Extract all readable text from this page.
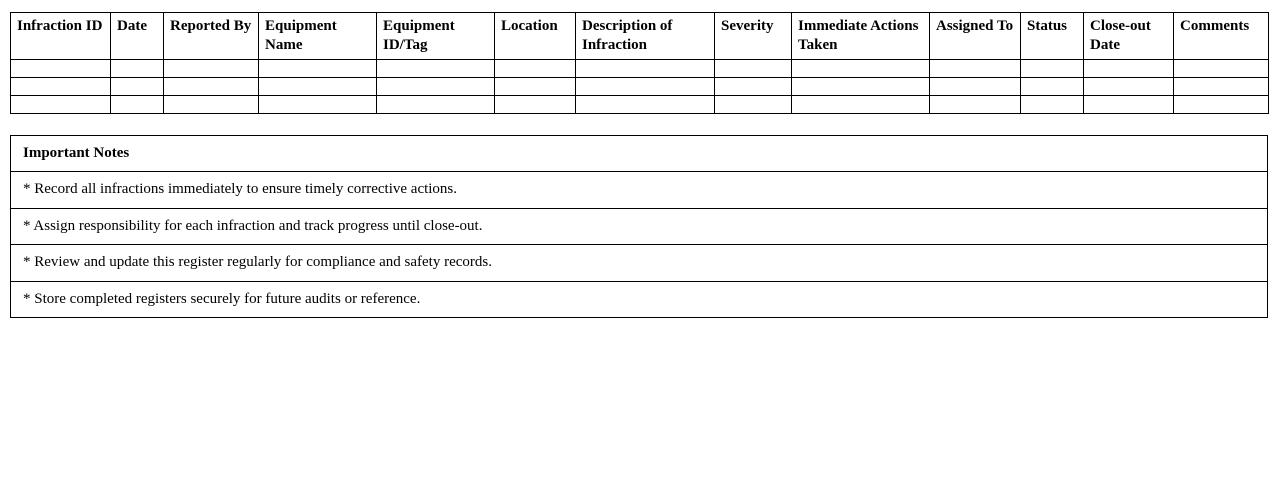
Infraction ID	Date	Reported By	Equipment Name	Equipment ID/Tag	Location	Description of Infraction	Severity	Immediate Actions Taken	Assigned To	Status	Close-out Date	Comments

Important Notes
* Record all infractions immediately to ensure timely corrective actions.
* Assign responsibility for each infraction and track progress until close-out.
* Review and update this register regularly for compliance and safety records.
* Store completed registers securely for future audits or reference.
